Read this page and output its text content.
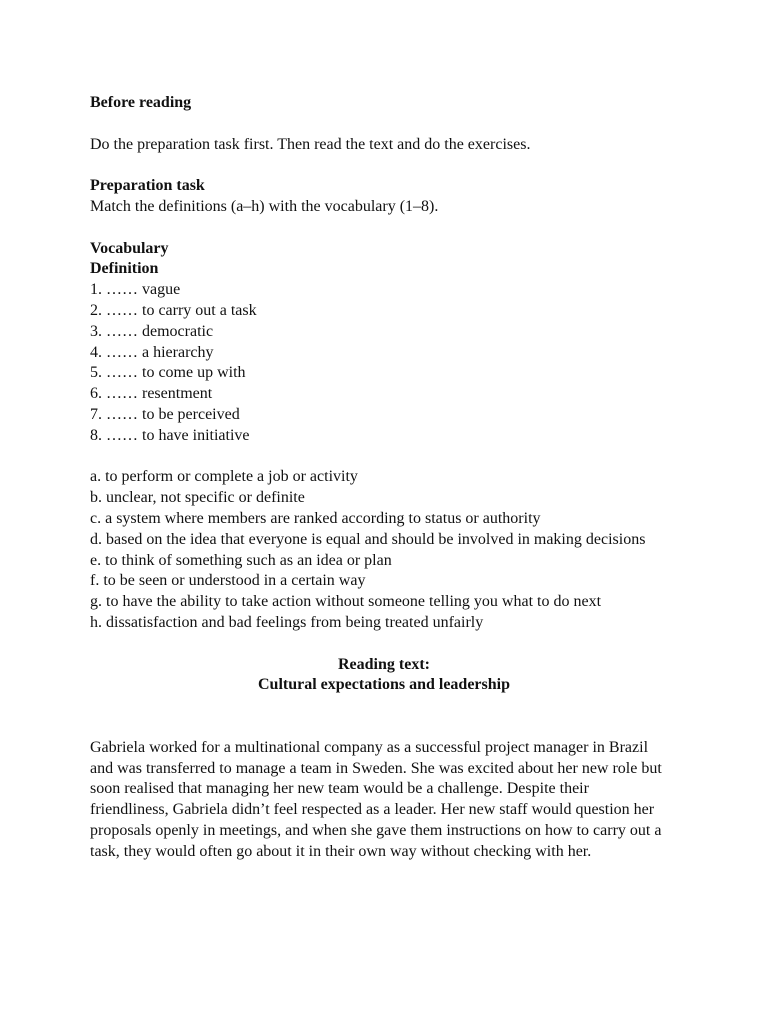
Before reading
Do the preparation task first. Then read the text and do the exercises.
Preparation task
Match the definitions (a–h) with the vocabulary (1–8).
Vocabulary
Definition
1. …… vague
2. …… to carry out a task
3. …… democratic
4. …… a hierarchy
5. …… to come up with
6. …… resentment
7. …… to be perceived
8. …… to have initiative
a. to perform or complete a job or activity
b. unclear, not specific or definite
c. a system where members are ranked according to status or authority
d. based on the idea that everyone is equal and should be involved in making decisions
e. to think of something such as an idea or plan
f. to be seen or understood in a certain way
g. to have the ability to take action without someone telling you what to do next
h. dissatisfaction and bad feelings from being treated unfairly
Reading text:
Cultural expectations and leadership

Gabriela worked for a multinational company as a successful project manager in Brazil and was transferred to manage a team in Sweden. She was excited about her new role but soon realised that managing her new team would be a challenge. Despite their friendliness, Gabriela didn’t feel respected as a leader. Her new staff would question her proposals openly in meetings, and when she gave them instructions on how to carry out a task, they would often go about it in their own way without checking with her.
